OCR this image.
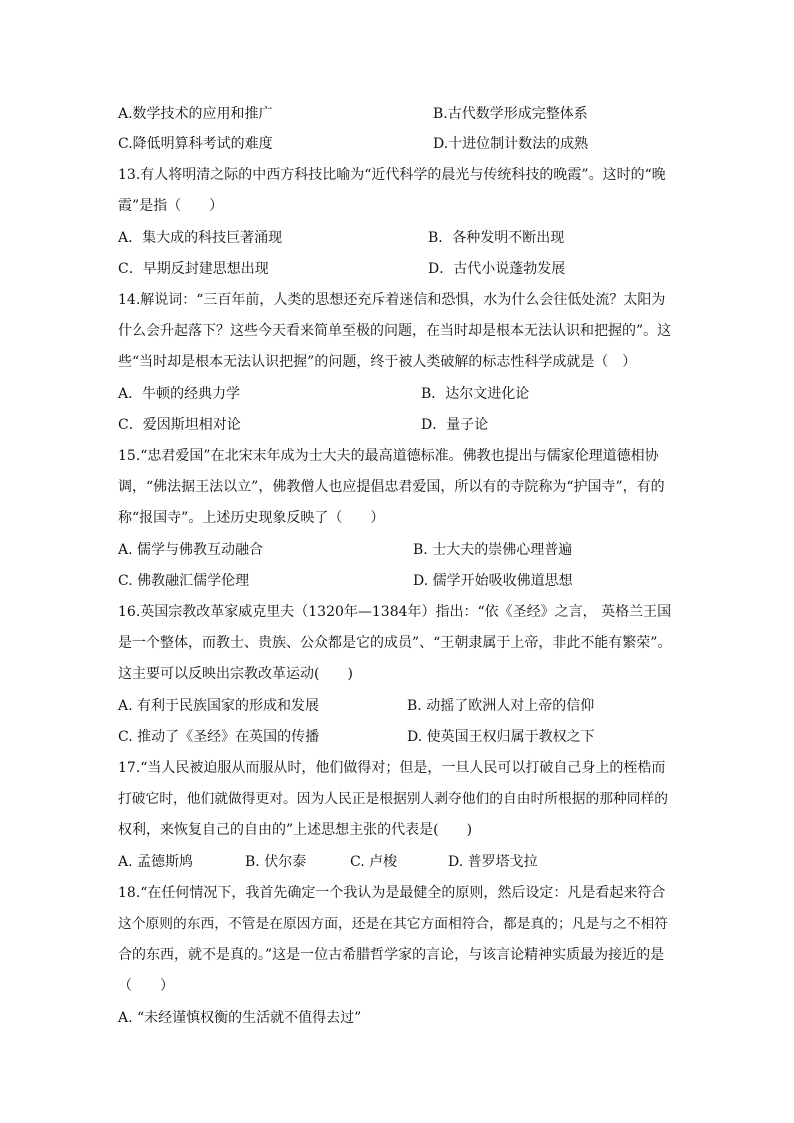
A.数学技术的应用和推广	B.古代数学形成完整体系
C.降低明算科考试的难度	D.十进位制计数法的成熟
13.有人将明清之际的中西方科技比喻为“近代科学的晨光与传统科技的晚霞”。这时的“晚
霞”是指（　　）
A．集大成的科技巨著涌现	B．各种发明不断出现
C．早期反封建思想出现	D．古代小说蓬勃发展
14.解说词：“三百年前，人类的思想还充斥着迷信和恐惧，水为什么会往低处流？太阳为
什么会升起落下？这些今天看来简单至极的问题，在当时却是根本无法认识和把握的”。这
些“当时却是根本无法认识把握”的问题，终于被人类破解的标志性科学成就是（　）
A．牛顿的经典力学	B．达尔文进化论
C．爱因斯坦相对论	D．量子论
15.“忠君爱国”在北宋末年成为士大夫的最高道德标准。佛教也提出与儒家伦理道德相协
调，“佛法据王法以立”，佛教僧人也应提倡忠君爱国，所以有的寺院称为“护国寺”，有的
称“报国寺”。上述历史现象反映了（　　）
A. 儒学与佛教互动融合	B. 士大夫的崇佛心理普遍
C. 佛教融汇儒学伦理	D. 儒学开始吸收佛道思想
16.英国宗教改革家威克里夫（1320年—1384年）指出：“依《圣经》之言， 英格兰王国
是一个整体，而教士、贵族、公众都是它的成员”、“王朝隶属于上帝，非此不能有繁荣”。
这主要可以反映出宗教改革运动(　　)
A. 有利于民族国家的形成和发展	B. 动摇了欧洲人对上帝的信仰
C. 推动了《圣经》在英国的传播	D. 使英国王权归属于教权之下
17.“当人民被迫服从而服从时，他们做得对；但是，一旦人民可以打破自己身上的桎梏而
打破它时，他们就做得更对。因为人民正是根据别人剥夺他们的自由时所根据的那种同样的
权利，来恢复自己的自由的”上述思想主张的代表是(　　)
A. 孟德斯鸠	B. 伏尔泰	C. 卢梭	D. 普罗塔戈拉
18.“在任何情况下，我首先确定一个我认为是最健全的原则，然后设定：凡是看起来符合
这个原则的东西，不管是在原因方面，还是在其它方面相符合，都是真的；凡是与之不相符
合的东西，就不是真的。”这是一位古希腊哲学家的言论，与该言论精神实质最为接近的是
（　　）
A. “未经谨慎权衡的生活就不值得去过”
